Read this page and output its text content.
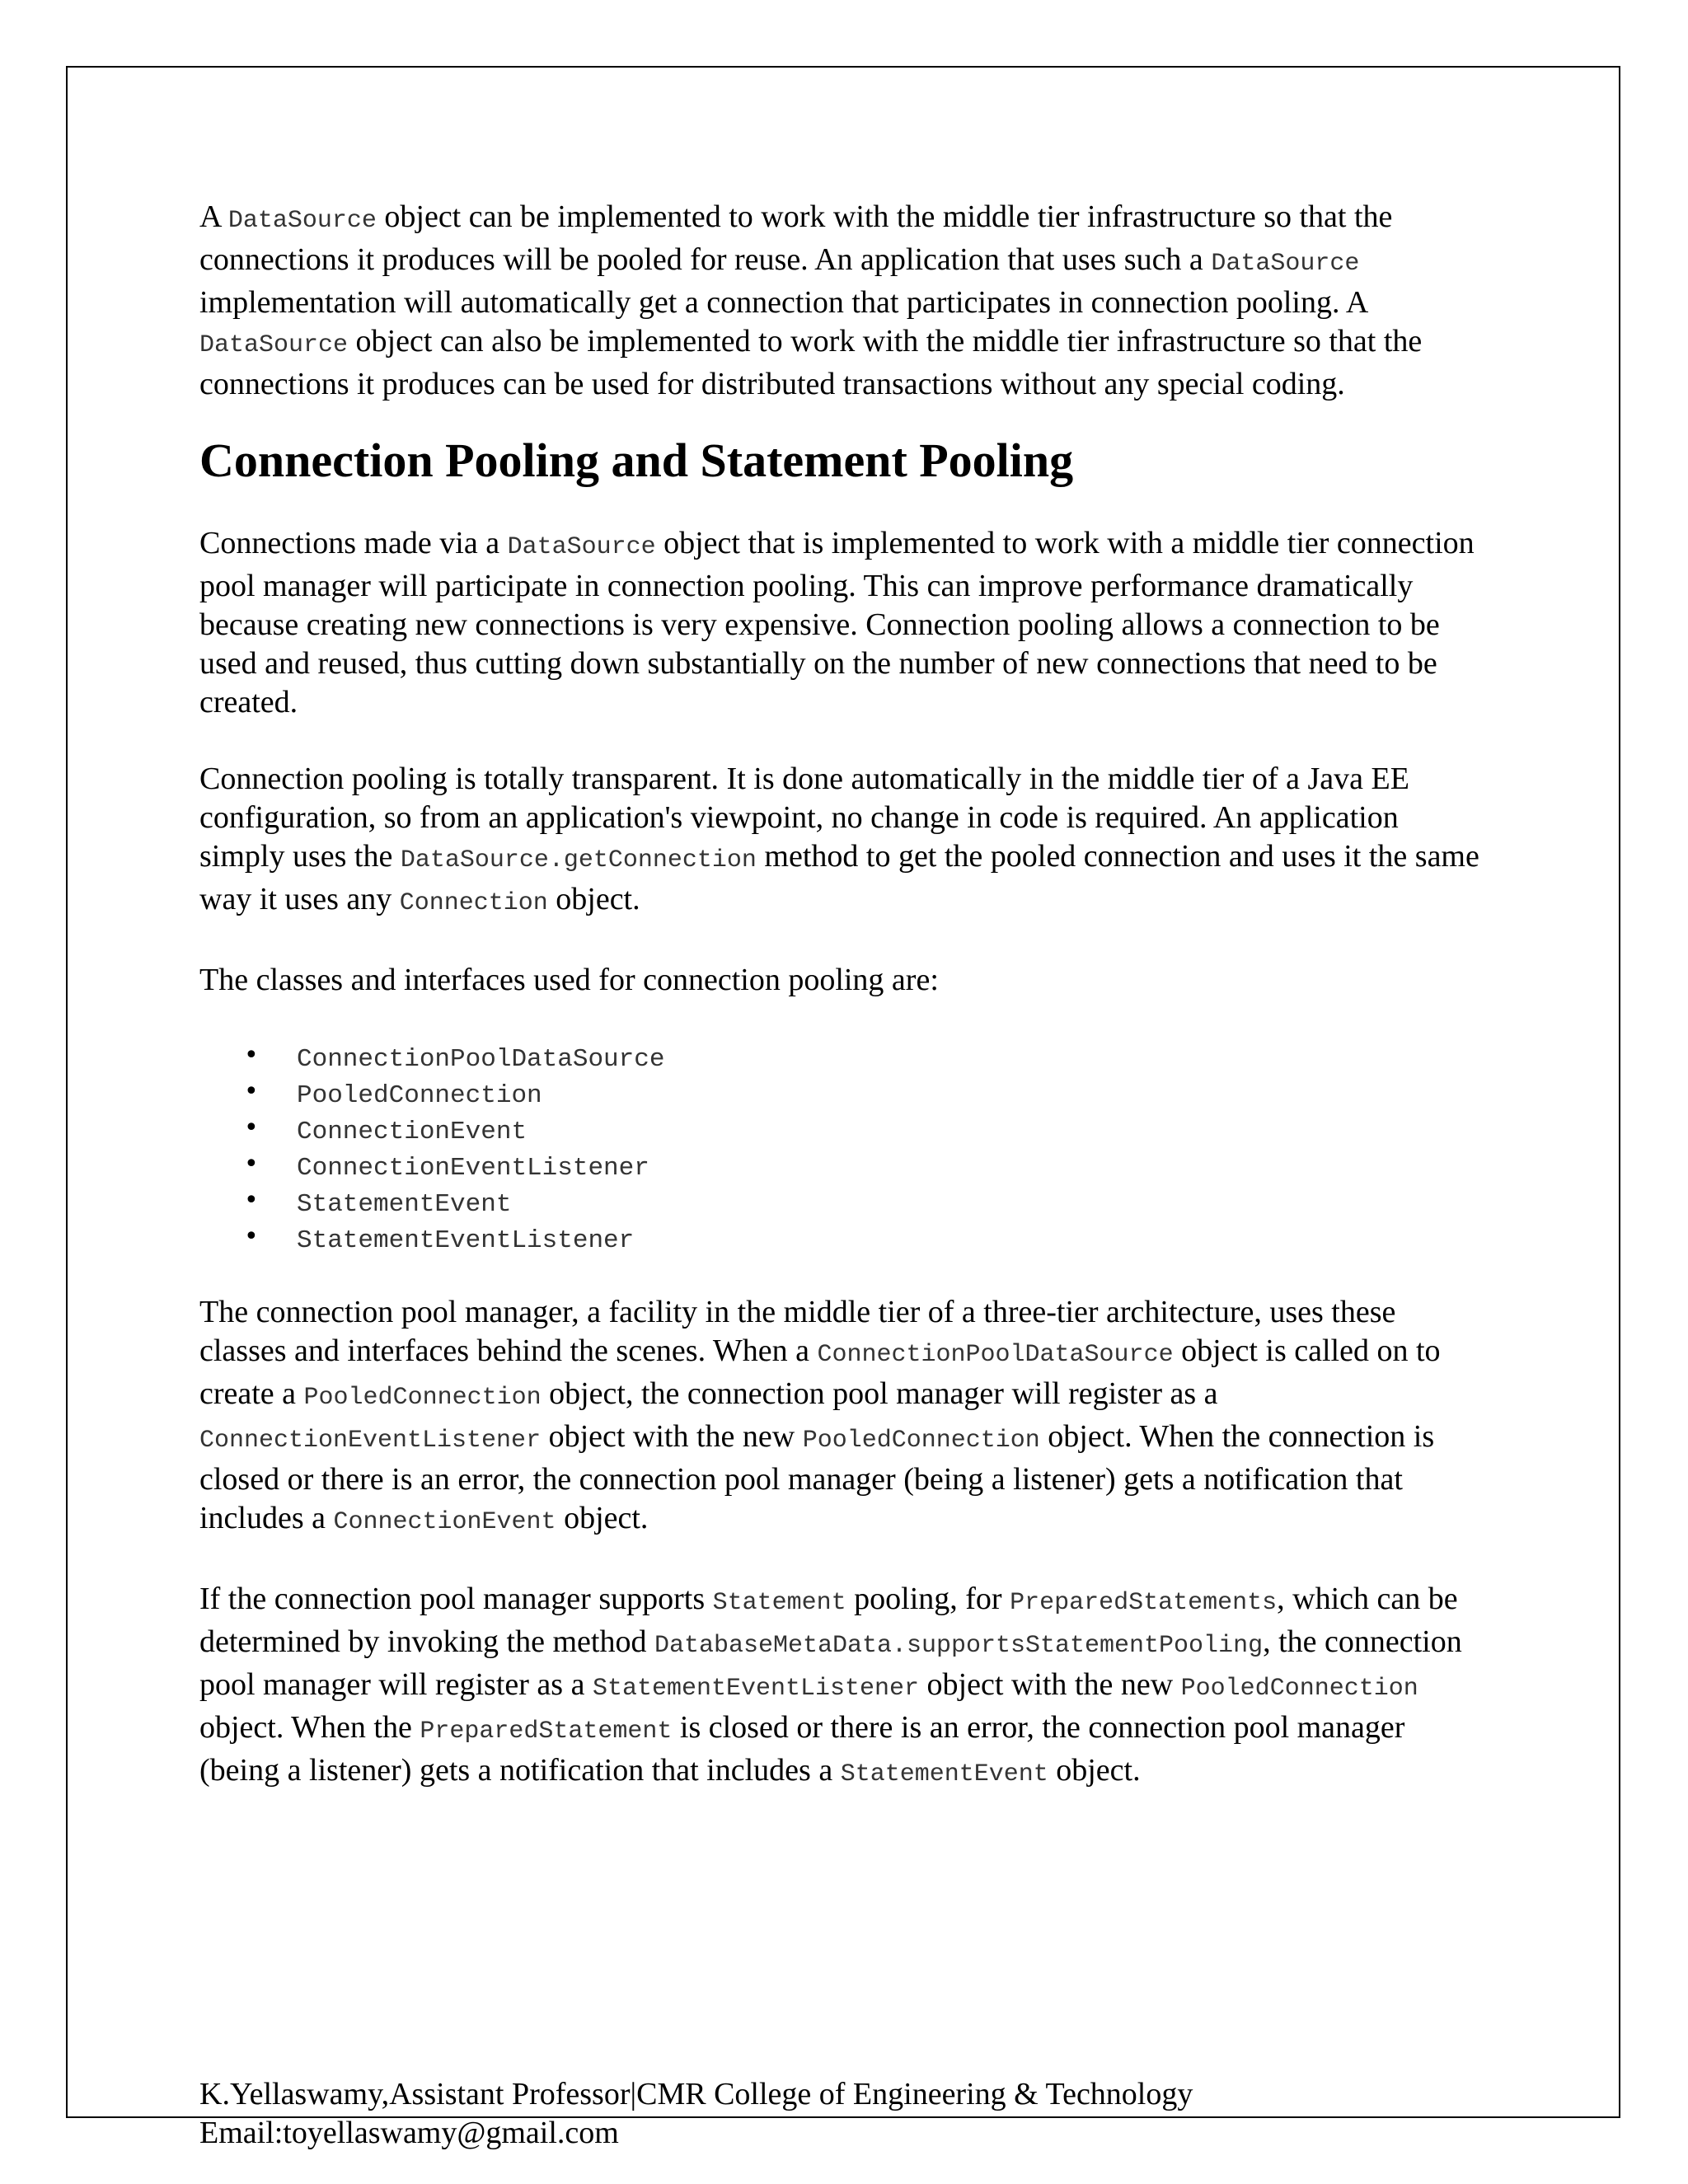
A DataSource object can be implemented to work with the middle tier infrastructure so that the connections it produces will be pooled for reuse. An application that uses such a DataSource implementation will automatically get a connection that participates in connection pooling. A DataSource object can also be implemented to work with the middle tier infrastructure so that the connections it produces can be used for distributed transactions without any special coding.

Connection Pooling and Statement Pooling

Connections made via a DataSource object that is implemented to work with a middle tier connection pool manager will participate in connection pooling. This can improve performance dramatically because creating new connections is very expensive. Connection pooling allows a connection to be used and reused, thus cutting down substantially on the number of new connections that need to be created.

Connection pooling is totally transparent. It is done automatically in the middle tier of a Java EE configuration, so from an application's viewpoint, no change in code is required. An application simply uses the DataSource.getConnection method to get the pooled connection and uses it the same way it uses any Connection object.

The classes and interfaces used for connection pooling are:

• ConnectionPoolDataSource
• PooledConnection
• ConnectionEvent
• ConnectionEventListener
• StatementEvent
• StatementEventListener

The connection pool manager, a facility in the middle tier of a three-tier architecture, uses these classes and interfaces behind the scenes. When a ConnectionPoolDataSource object is called on to create a PooledConnection object, the connection pool manager will register as a ConnectionEventListener object with the new PooledConnection object. When the connection is closed or there is an error, the connection pool manager (being a listener) gets a notification that includes a ConnectionEvent object.

If the connection pool manager supports Statement pooling, for PreparedStatements, which can be determined by invoking the method DatabaseMetaData.supportsStatementPooling, the connection pool manager will register as a StatementEventListener object with the new PooledConnection object. When the PreparedStatement is closed or there is an error, the connection pool manager (being a listener) gets a notification that includes a StatementEvent object.

K.Yellaswamy,Assistant Professor|CMR College of Engineering & Technology
Email:toyellaswamy@gmail.com
